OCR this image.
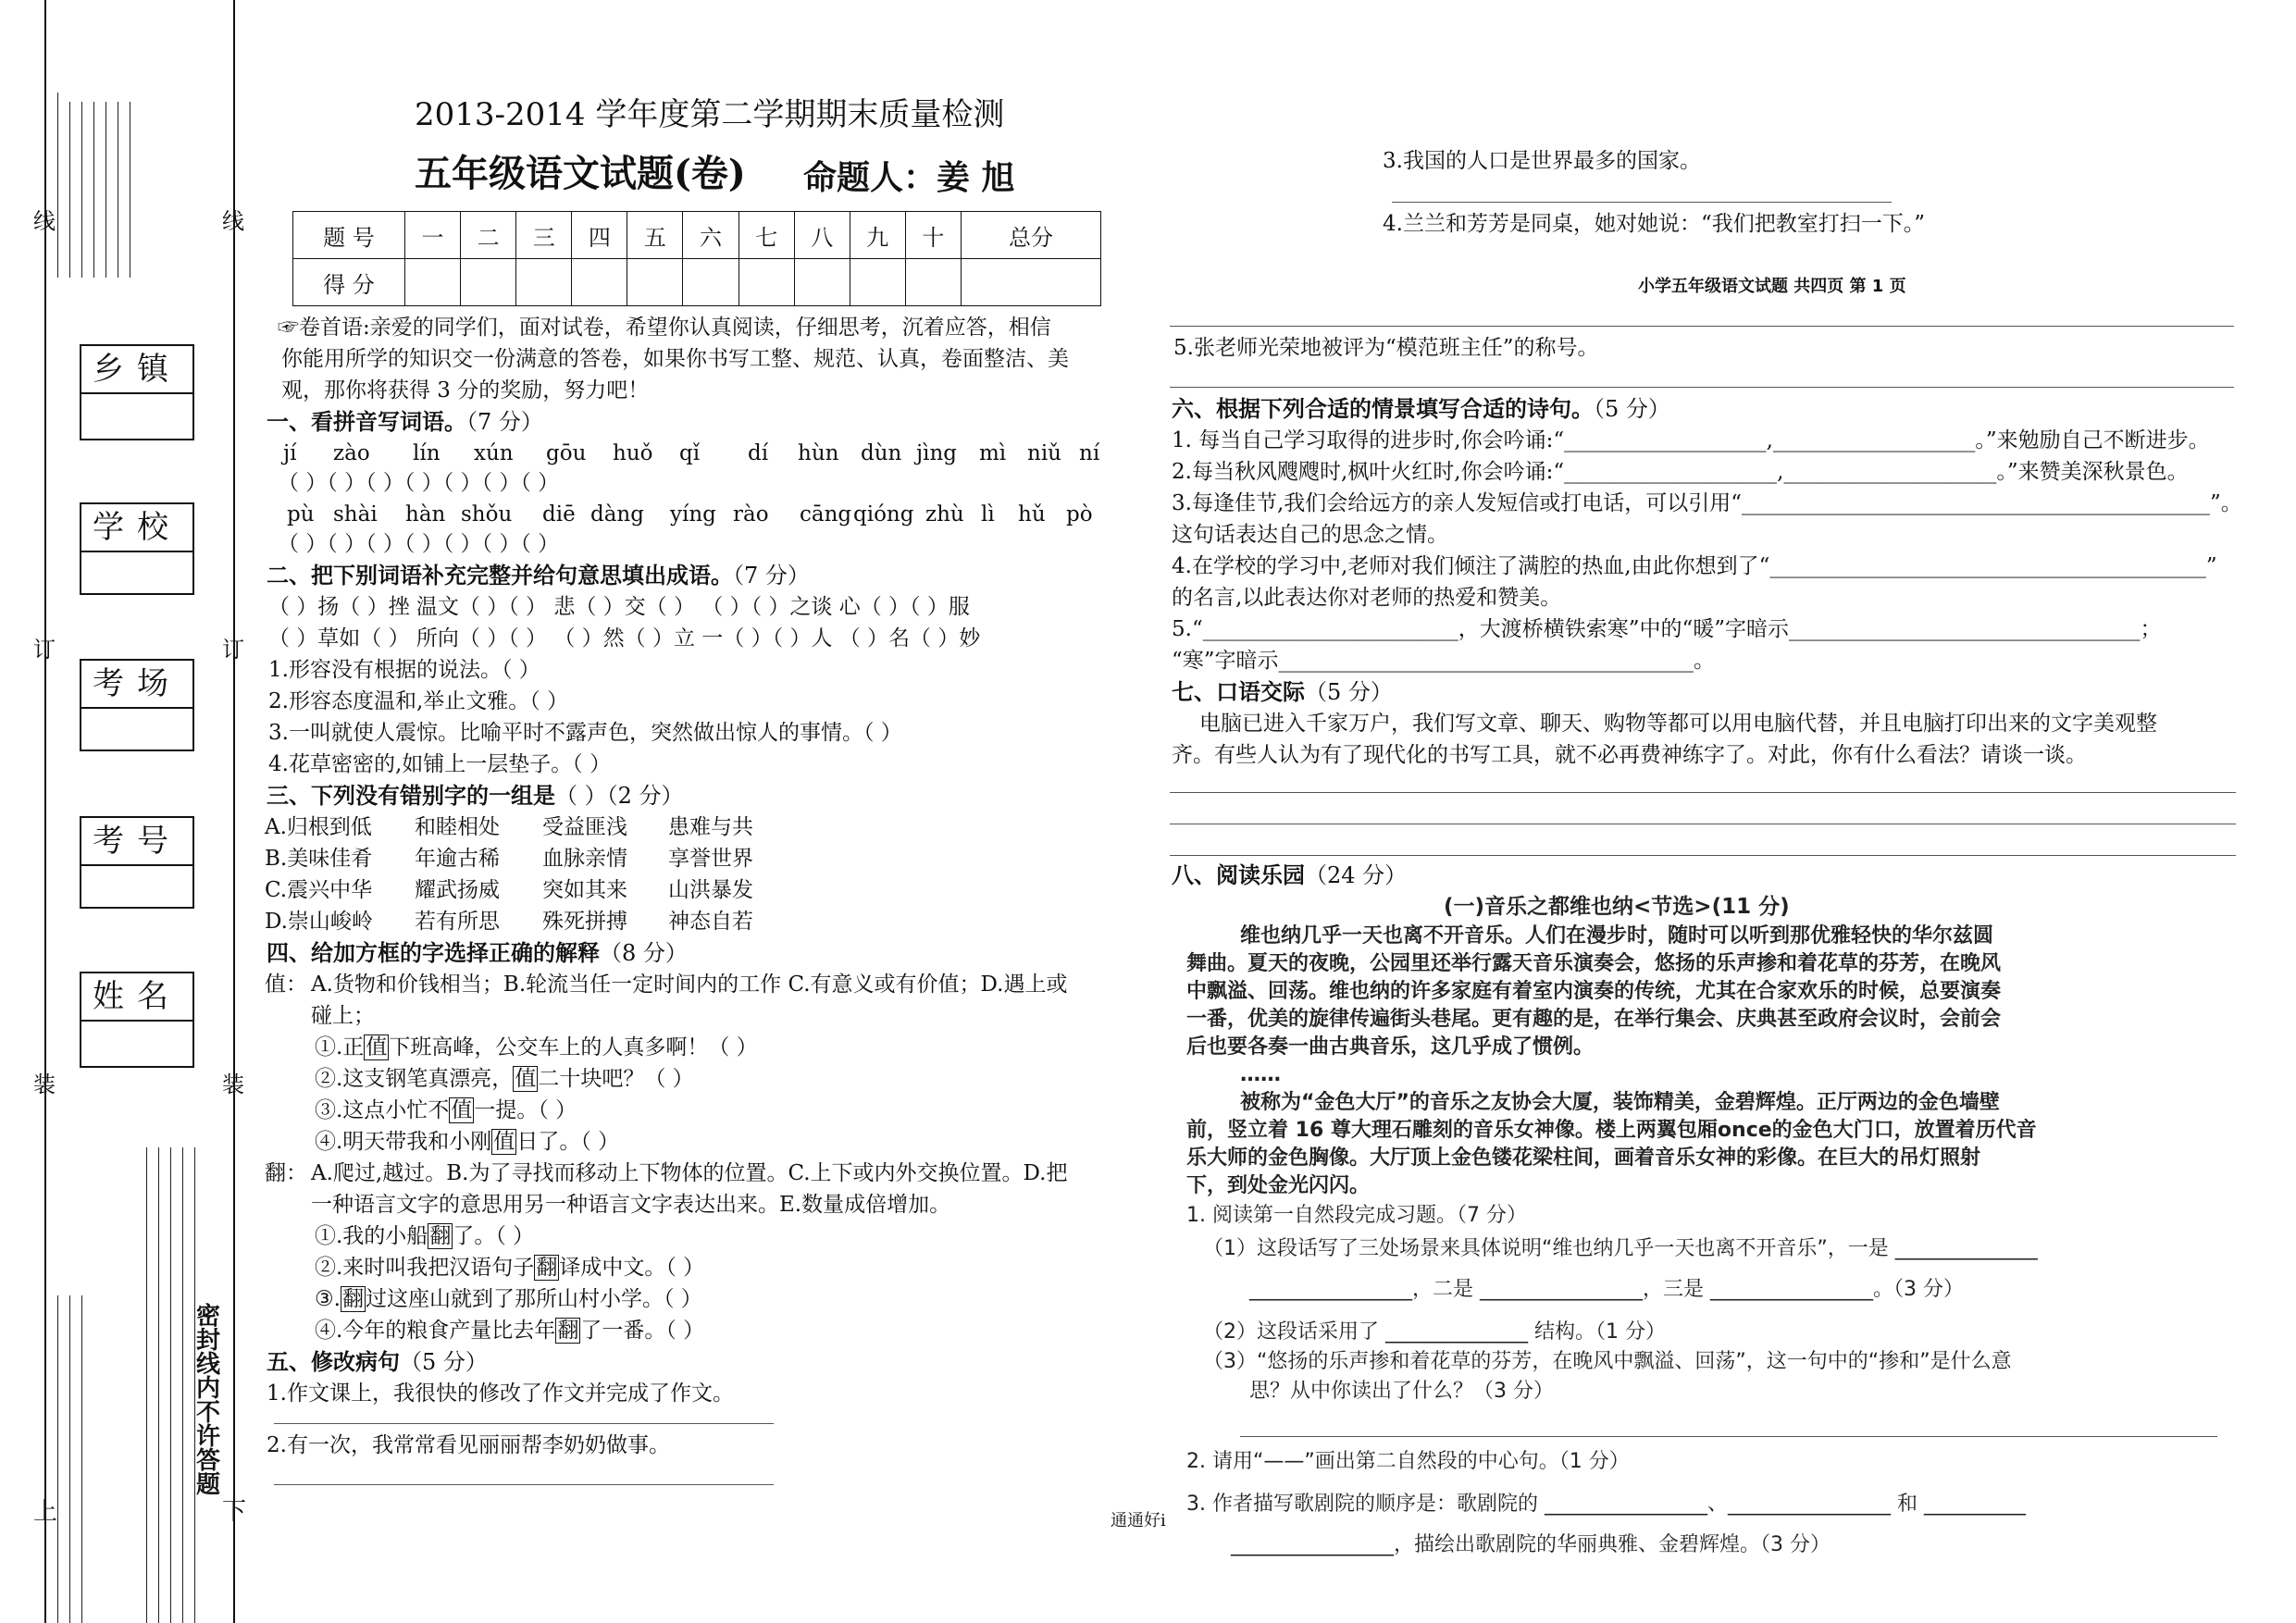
线	线
订	订
装	装
乡镇
学校
考场
考号
姓名
密封线内不许答题
上	下
2013-2014 学年度第二学期期末质量检测
五年级语文试题(卷) 命题人：姜 旭
题 号	一	二	三	四	五	六	七	八	九	十	总分
得 分											
☞卷首语:亲爱的同学们，面对试卷，希望你认真阅读，仔细思考，沉着应答，相信
你能用所学的知识交一份满意的答卷，如果你书写工整、规范、认真，卷面整洁、美
观，那你将获得 3 分的奖励，努力吧！
一、看拼音写词语。（7 分）
jí zào lín xún gōu huǒ qǐ dí hùn dùn jìng mì niǔ ní
（ ）（ ）（ ）（ ）（ ）（ ）（ ）
pù shài hàn shǒu diē dàng yíng rào cāng qióng zhù lì hǔ pò
（ ）（ ）（ ）（ ）（ ）（ ）（ ）
二、把下别词语补充完整并给句意思填出成语。（7 分）
（ ）扬（ ）挫 温文（ ）（ ） 悲（ ）交（ ） （ ）（ ）之谈 心（ ）（ ）服
（ ）草如（ ） 所向（ ）（ ） （ ）然（ ）立 一（ ）（ ）人 （ ）名（ ）妙
1.形容没有根据的说法。（ ）
2.形容态度温和,举止文雅。（ ）
3.一叫就使人震惊。比喻平时不露声色，突然做出惊人的事情。（ ）
4.花草密密的,如铺上一层垫子。（ ）
三、下列没有错别字的一组是（ ）（2 分）
A.归根到低 和睦相处 受益匪浅 患难与共
B.美味佳肴 年逾古稀 血脉亲情 享誉世界
C.震兴中华 耀武扬威 突如其来 山洪暴发
D.崇山峻岭 若有所思 殊死拼搏 神态自若
四、给加方框的字选择正确的解释（8 分）
值： A.货物和价钱相当；B.轮流当任一定时间内的工作 C.有意义或有价值；D.遇上或
碰上；
①.正值下班高峰，公交车上的人真多啊！（ ）
②.这支钢笔真漂亮，值二十块吧？（ ）
③.这点小忙不值一提。（ ）
④.明天带我和小刚值日了。（ ）
翻： A.爬过,越过。B.为了寻找而移动上下物体的位置。C.上下或内外交换位置。D.把
一种语言文字的意思用另一种语言文字表达出来。E.数量成倍增加。
①.我的小船翻了。（ ）
②.来时叫我把汉语句子翻译成中文。（ ）
③.翻过这座山就到了那所山村小学。（ ）
④.今年的粮食产量比去年翻了一番。（ ）
五、修改病句（5 分）
1.作文课上，我很快的修改了作文并完成了作文。
2.有一次，我常常看见丽丽帮李奶奶做事。
3.我国的人口是世界最多的国家。
4.兰兰和芳芳是同桌，她对她说：“我们把教室打扫一下。”
小学五年级语文试题 共四页 第 1 页
5.张老师光荣地被评为“模范班主任”的称号。
六、根据下列合适的情景填写合适的诗句。（5 分）
1. 每当自己学习取得的进步时,你会吟诵:“___________________,___________________。”来勉励自己不断进步。
2.每当秋风飕飕时,枫叶火红时,你会吟诵:“____________________,____________________。”来赞美深秋景色。
3.每逢佳节,我们会给远方的亲人发短信或打电话，可以引用“____________________________________________”。
这句话表达自己的思念之情。
4.在学校的学习中,老师对我们倾注了满腔的热血,由此你想到了“_________________________________________”
的名言,以此表达你对老师的热爱和赞美。
5.“________________________，大渡桥横铁索寒”中的“暖”字暗示_________________________________；
“寒”字暗示_______________________________________。
七、口语交际（5 分）
电脑已进入千家万户，我们写文章、聊天、购物等都可以用电脑代替，并且电脑打印出来的文字美观整
齐。有些人认为有了现代化的书写工具，就不必再费神练字了。对此，你有什么看法？请谈一谈。
八、阅读乐园（24 分）
(一)音乐之都维也纳<节选>(11 分)
维也纳几乎一天也离不开音乐。人们在漫步时，随时可以听到那优雅轻快的华尔兹圆
舞曲。夏天的夜晚，公园里还举行露天音乐演奏会，悠扬的乐声掺和着花草的芬芳，在晚风
中飘溢、回荡。维也纳的许多家庭有着室内演奏的传统，尤其在合家欢乐的时候，总要演奏
一番，优美的旋律传遍街头巷尾。更有趣的是，在举行集会、庆典甚至政府会议时，会前会
后也要各奏一曲古典音乐，这几乎成了惯例。
……
被称为“金色大厅”的音乐之友协会大厦，装饰精美，金碧辉煌。正厅两边的金色墙壁
前，竖立着 16 尊大理石雕刻的音乐女神像。楼上两翼包厢once的金色大门口，放置着历代音
乐大师的金色胸像。大厅顶上金色镂花梁柱间，画着音乐女神的彩像。在巨大的吊灯照射
下，到处金光闪闪。
1. 阅读第一自然段完成习题。（7 分）
（1）这段话写了三处场景来具体说明“维也纳几乎一天也离不开音乐”，一是 ______________
________________，二是 ________________，三是 ________________。（3 分）
（2）这段话采用了 ______________ 结构。（1 分）
（3）“悠扬的乐声掺和着花草的芬芳，在晚风中飘溢、回荡”，这一句中的“掺和”是什么意
思？从中你读出了什么？（3 分）
2. 请用“——”画出第二自然段的中心句。（1 分）
3. 作者描写歌剧院的顺序是：歌剧院的 ________________、________________ 和 __________
________________，描绘出歌剧院的华丽典雅、金碧辉煌。（3 分）
通通好i
